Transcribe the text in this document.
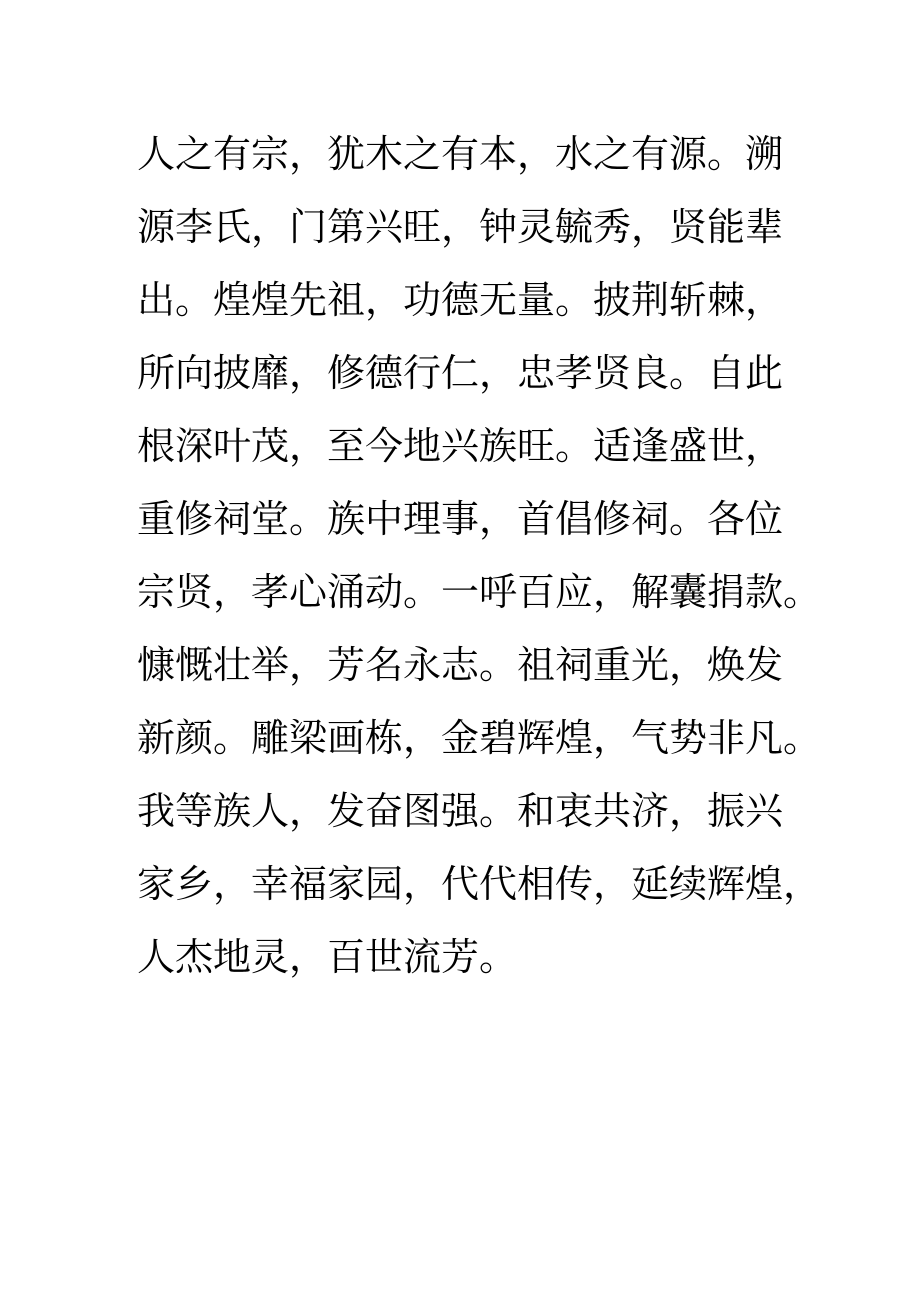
人之有宗，犹木之有本，水之有源。溯
源李氏，门第兴旺，钟灵毓秀，贤能辈
出。煌煌先祖，功德无量。披荆斩棘，
所向披靡，修德行仁，忠孝贤良。自此
根深叶茂，至今地兴族旺。适逢盛世，
重修祠堂。族中理事，首倡修祠。各位
宗贤，孝心涌动。一呼百应，解囊捐款。
慷慨壮举，芳名永志。祖祠重光，焕发
新颜。雕梁画栋，金碧辉煌，气势非凡。
我等族人，发奋图强。和衷共济，振兴
家乡，幸福家园，代代相传，延续辉煌，
人杰地灵，百世流芳。
